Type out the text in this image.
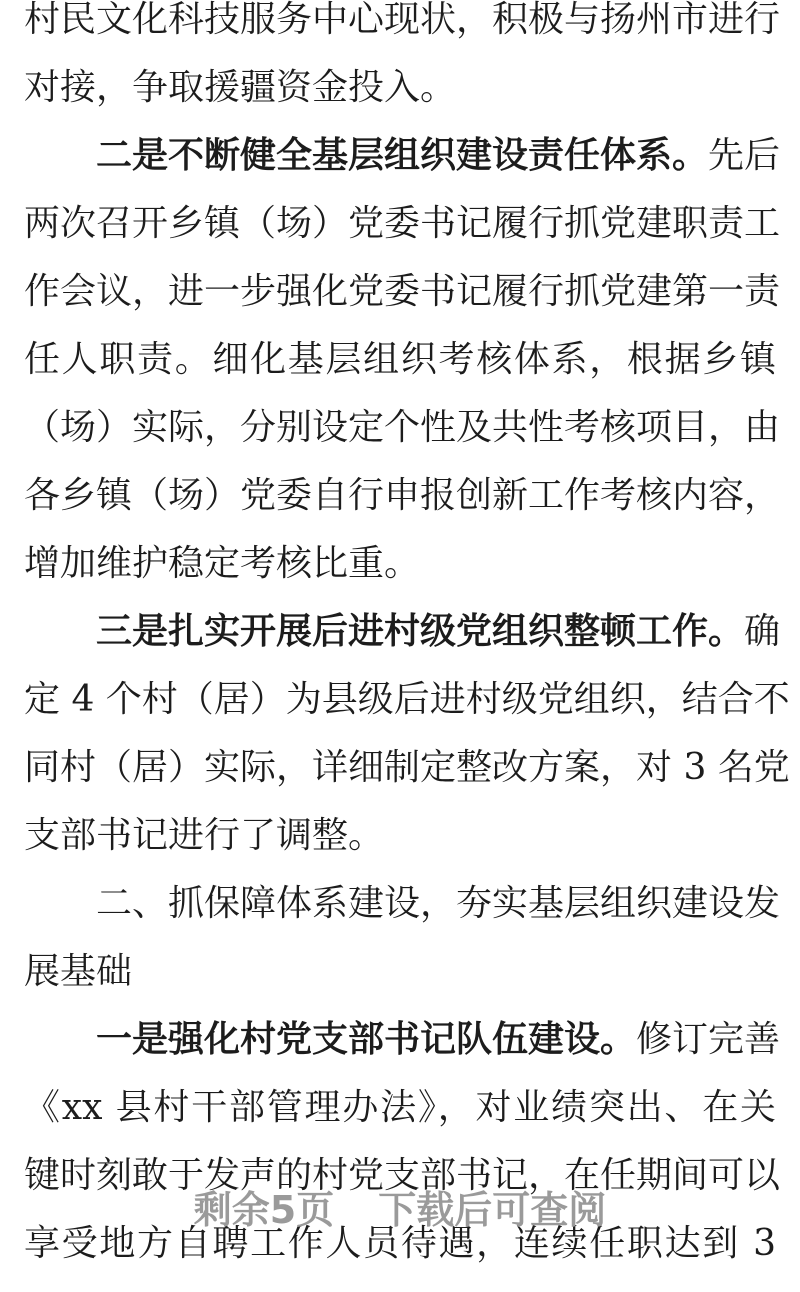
村民文化科技服务中心现状，积极与扬州市进行
对接，争取援疆资金投入。
二是不断健全基层组织建设责任体系。先后
两次召开乡镇（场）党委书记履行抓党建职责工
作会议，进一步强化党委书记履行抓党建第一责
任人职责。细化基层组织考核体系，根据乡镇
（场）实际，分别设定个性及共性考核项目，由
各乡镇（场）党委自行申报创新工作考核内容，
增加维护稳定考核比重。
三是扎实开展后进村级党组织整顿工作。确
定 4 个村（居）为县级后进村级党组织，结合不
同村（居）实际，详细制定整改方案，对 3 名党
支部书记进行了调整。
二、抓保障体系建设，夯实基层组织建设发
展基础
一是强化村党支部书记队伍建设。修订完善
《xx 县村干部管理办法》，对业绩突出、在关
键时刻敢于发声的村党支部书记，在任期间可以
享受地方自聘工作人员待遇，连续任职达到 3
剩余5页 下载后可查阅
